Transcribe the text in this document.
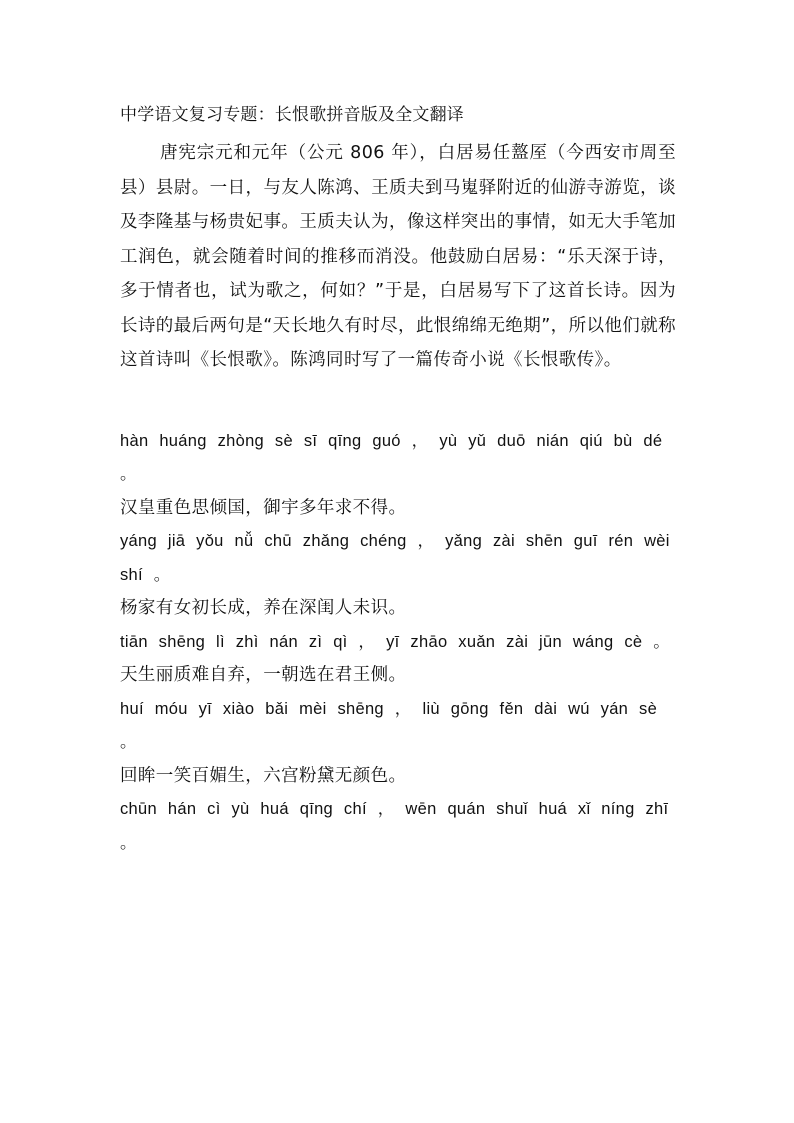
中学语文复习专题：长恨歌拼音版及全文翻译

唐宪宗元和元年（公元 806 年），白居易任盩厔（今西安市周至县）县尉。一日，与友人陈鸿、王质夫到马嵬驿附近的仙游寺游览，谈及李隆基与杨贵妃事。王质夫认为，像这样突出的事情，如无大手笔加工润色，就会随着时间的推移而消没。他鼓励白居易：“乐天深于诗，多于情者也，试为歌之，何如？”于是，白居易写下了这首长诗。因为长诗的最后两句是“天长地久有时尽，此恨绵绵无绝期”，所以他们就称这首诗叫《长恨歌》。陈鸿同时写了一篇传奇小说《长恨歌传》。

hàn huáng zhòng sè sī qīng guó ， yù yǔ duō nián qiú bù dé 。
汉皇重色思倾国，御宇多年求不得。
yáng jiā yǒu nǚ chū zhǎng chéng ， yǎng zài shēn guī rén wèi shí 。
杨家有女初长成，养在深闺人未识。
tiān shēng lì zhì nán zì qì ， yī zhāo xuǎn zài jūn wáng cè 。
天生丽质难自弃，一朝选在君王侧。
huí móu yī xiào bǎi mèi shēng ， liù gōng fěn dài wú yán sè 。
回眸一笑百媚生，六宫粉黛无颜色。
chūn hán cì yù huá qīng chí ， wēn quán shuǐ huá xǐ níng zhī 。
